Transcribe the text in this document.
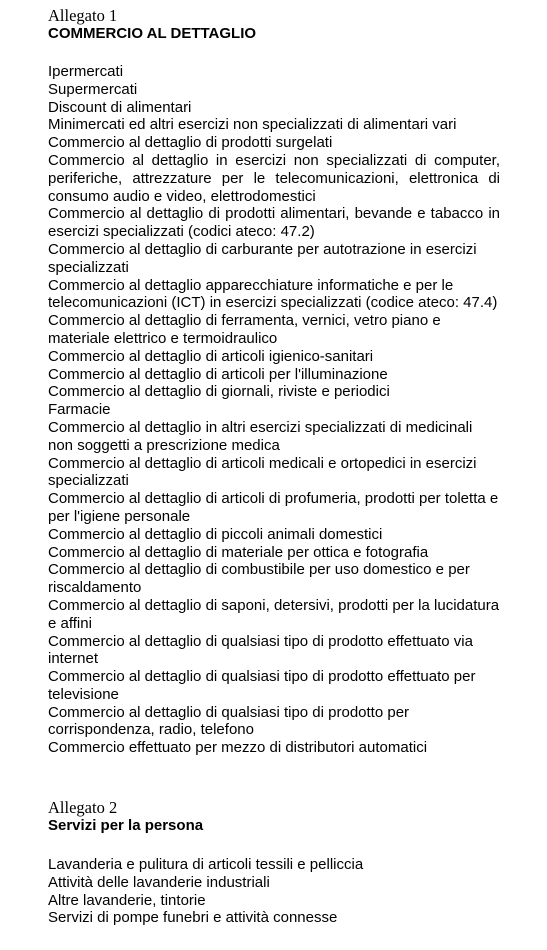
Allegato 1

COMMERCIO AL DETTAGLIO

Ipermercati
Supermercati
Discount di alimentari
Minimercati ed altri esercizi non specializzati di alimentari vari
Commercio al dettaglio di prodotti surgelati
Commercio al dettaglio in esercizi non specializzati di computer, periferiche, attrezzature per le telecomunicazioni, elettronica di consumo audio e video, elettrodomestici
Commercio al dettaglio di prodotti alimentari, bevande e tabacco in esercizi specializzati (codici ateco: 47.2)
Commercio al dettaglio di carburante per autotrazione in esercizi specializzati
Commercio al dettaglio apparecchiature informatiche e per le telecomunicazioni (ICT) in esercizi specializzati (codice ateco: 47.4)
Commercio al dettaglio di ferramenta, vernici, vetro piano e materiale elettrico e termoidraulico
Commercio al dettaglio di articoli igienico-sanitari
Commercio al dettaglio di articoli per l'illuminazione
Commercio al dettaglio di giornali, riviste e periodici
Farmacie
Commercio al dettaglio in altri esercizi specializzati di medicinali non soggetti a prescrizione medica
Commercio al dettaglio di articoli medicali e ortopedici in esercizi specializzati
Commercio al dettaglio di articoli di profumeria, prodotti per toletta e per l'igiene personale
Commercio al dettaglio di piccoli animali domestici
Commercio al dettaglio di materiale per ottica e fotografia
Commercio al dettaglio di combustibile per uso domestico e per riscaldamento
Commercio al dettaglio di saponi, detersivi, prodotti per la lucidatura e affini
Commercio al dettaglio di qualsiasi tipo di prodotto effettuato via internet
Commercio al dettaglio di qualsiasi tipo di prodotto effettuato per televisione
Commercio al dettaglio di qualsiasi tipo di prodotto per corrispondenza, radio, telefono
Commercio effettuato per mezzo di distributori automatici

Allegato 2

Servizi per la persona

Lavanderia e pulitura di articoli tessili e pelliccia
Attività delle lavanderie industriali
Altre lavanderie, tintorie
Servizi di pompe funebri e attività connesse
